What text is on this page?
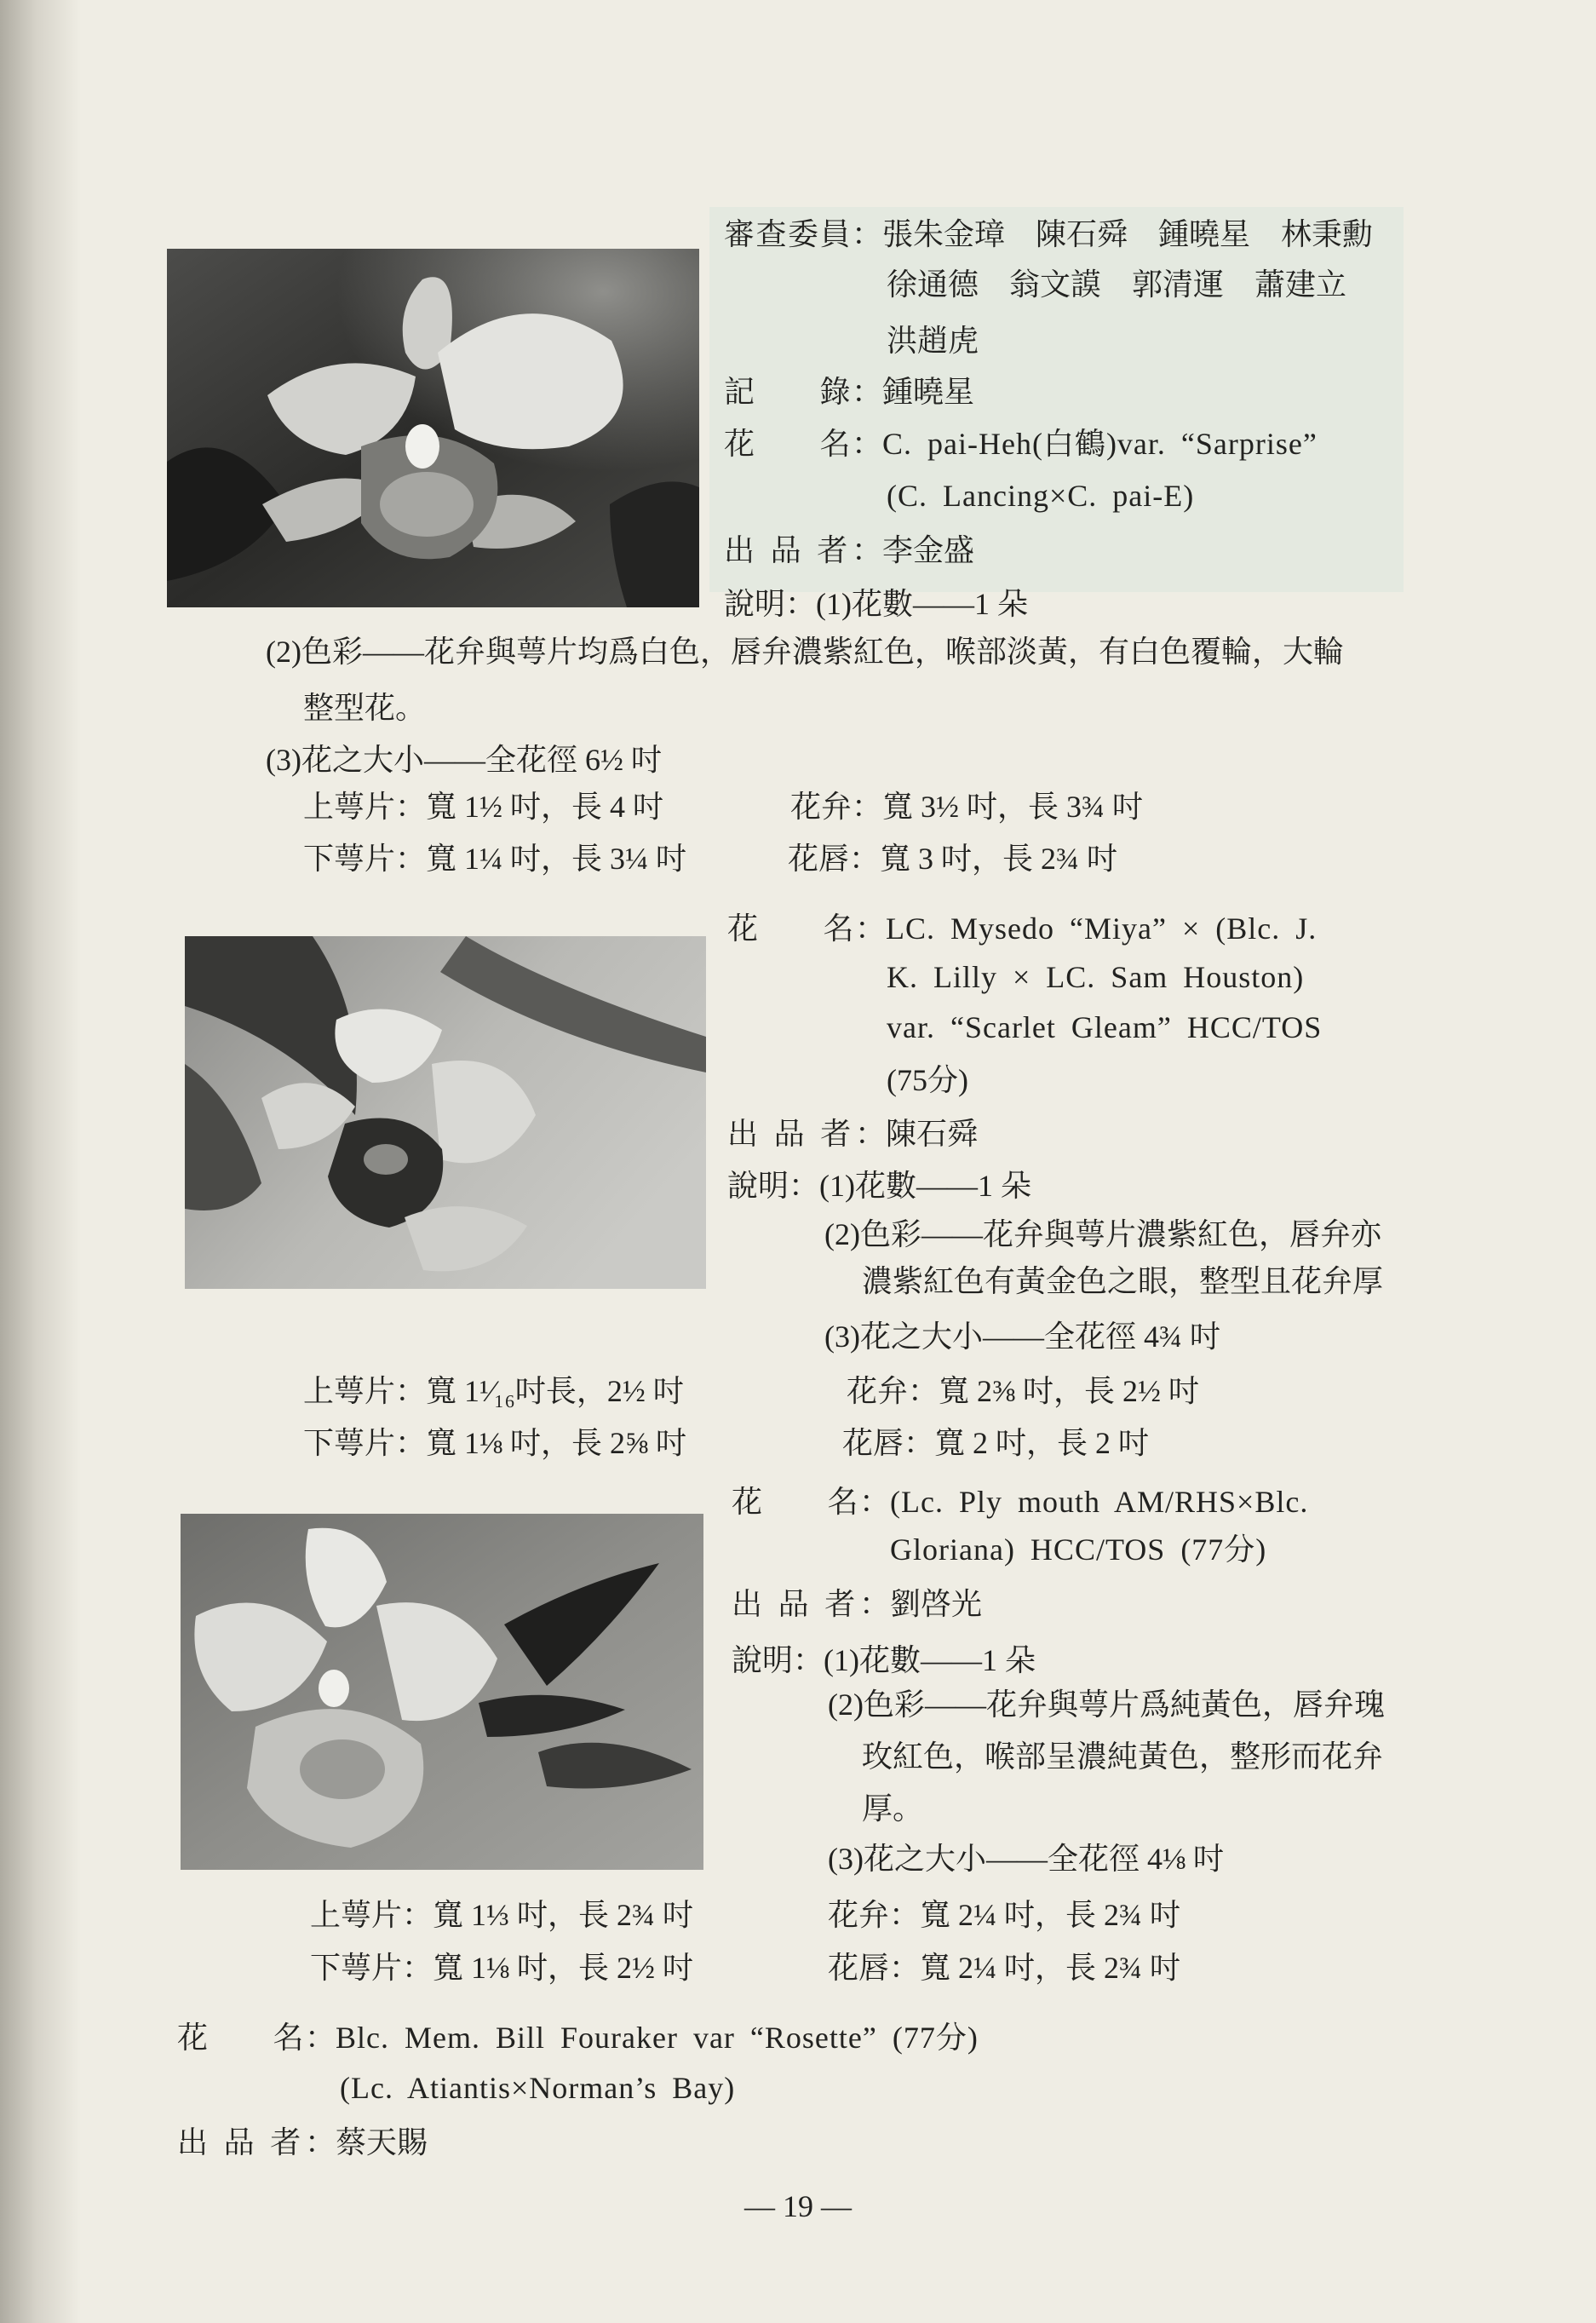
審查委員：張朱金璋　陳石舜　鍾曉星　林秉勳
徐通德　翁文謨　郭清運　蕭建立
洪趙虎
記　　錄：鍾曉星
花　　名：C. pai-Heh(白鶴)var. “Sarprise”
(C. Lancing×C. pai-E)
出 品 者：李金盛
說明：(1)花數——1 朵
(2)色彩——花弁與萼片均爲白色，唇弁濃紫紅色，喉部淡黃，有白色覆輪，大輪
整型花。
(3)花之大小——全花徑 6½ 吋
上萼片：寬 1½ 吋，長 4 吋	花弁：寬 3½ 吋，長 3¾ 吋
下萼片：寬 1¼ 吋，長 3¼ 吋	花唇：寬 3 吋，長 2¾ 吋
花　　名：LC. Mysedo “Miya” × (Blc. J.
K. Lilly × LC. Sam Houston)
var. “Scarlet Gleam” HCC/TOS
(75分)
出 品 者：陳石舜
說明：(1)花數——1 朵
(2)色彩——花弁與萼片濃紫紅色，唇弁亦
濃紫紅色有黃金色之眼，整型且花弁厚
(3)花之大小——全花徑 4¾ 吋
上萼片：寬 1¹⁄₁₆吋長，2½ 吋	花弁：寬 2⅜ 吋，長 2½ 吋
下萼片：寬 1⅛ 吋，長 2⅝ 吋	花唇：寬 2 吋，長 2 吋
花　　名：(Lc. Ply mouth AM/RHS×Blc.
Gloriana) HCC/TOS (77分)
出 品 者：劉啓光
說明：(1)花數——1 朵
(2)色彩——花弁與萼片爲純黃色，唇弁瑰
玫紅色，喉部呈濃純黃色，整形而花弁
厚。
(3)花之大小——全花徑 4⅛ 吋
上萼片：寬 1⅓ 吋，長 2¾ 吋	花弁：寬 2¼ 吋，長 2¾ 吋
下萼片：寬 1⅛ 吋，長 2½ 吋	花唇：寬 2¼ 吋，長 2¾ 吋
花　　名：Blc. Mem. Bill Fouraker var “Rosette” (77分)
(Lc. Atiantis×Norman’s Bay)
出 品 者：蔡天賜
— 19 —
